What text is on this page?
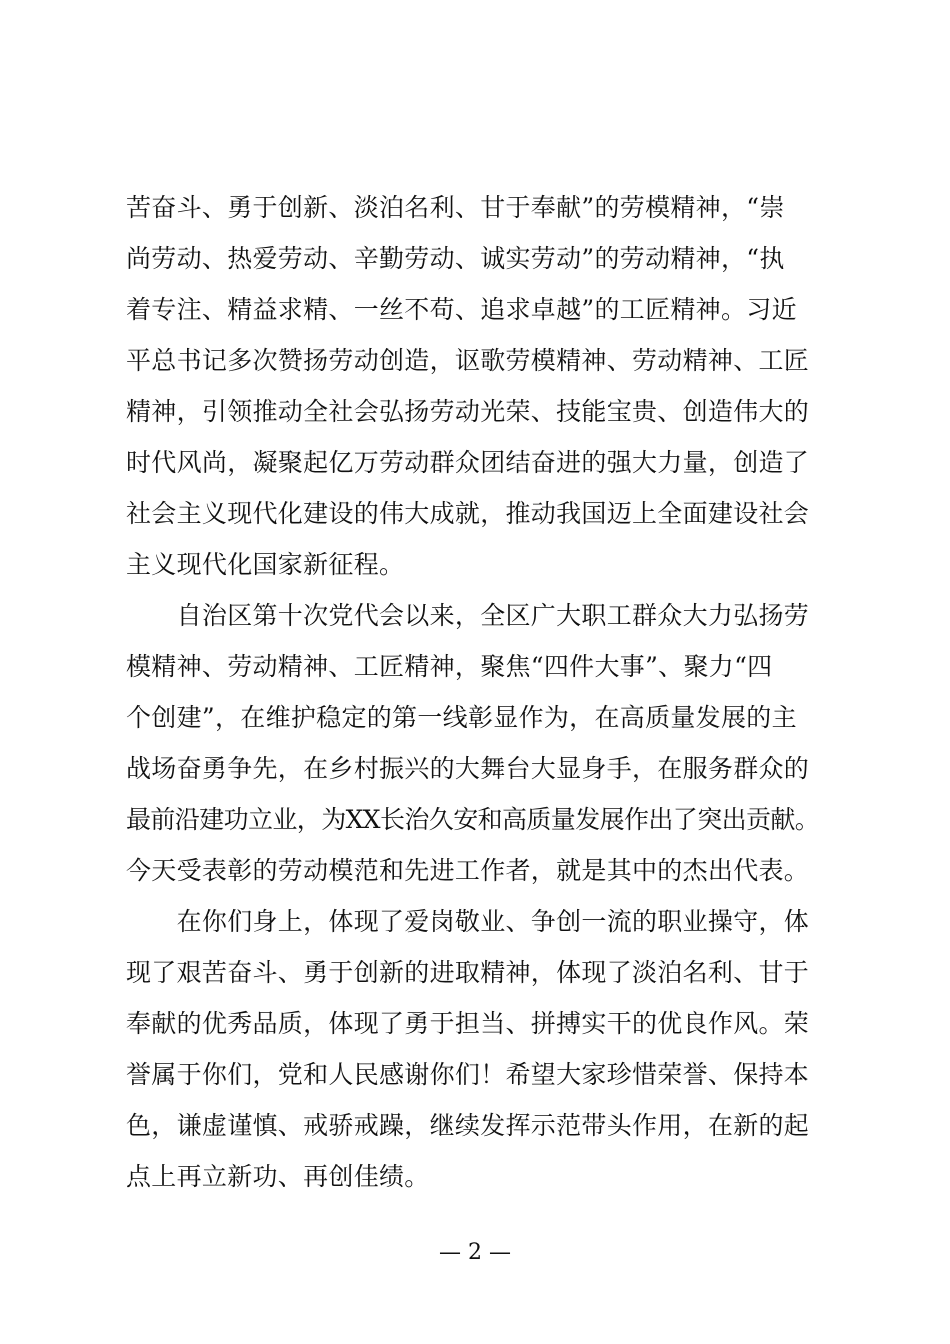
苦奋斗、勇于创新、淡泊名利、甘于奉献”的劳模精神，“崇
尚劳动、热爱劳动、辛勤劳动、诚实劳动”的劳动精神，“执
着专注、精益求精、一丝不苟、追求卓越”的工匠精神。习近
平总书记多次赞扬劳动创造，讴歌劳模精神、劳动精神、工匠
精神，引领推动全社会弘扬劳动光荣、技能宝贵、创造伟大的
时代风尚，凝聚起亿万劳动群众团结奋进的强大力量，创造了
社会主义现代化建设的伟大成就，推动我国迈上全面建设社会
主义现代化国家新征程。
　　自治区第十次党代会以来，全区广大职工群众大力弘扬劳
模精神、劳动精神、工匠精神，聚焦“四件大事”、聚力“四
个创建”，在维护稳定的第一线彰显作为，在高质量发展的主
战场奋勇争先，在乡村振兴的大舞台大显身手，在服务群众的
最前沿建功立业，为XX长治久安和高质量发展作出了突出贡献。
今天受表彰的劳动模范和先进工作者，就是其中的杰出代表。
　　在你们身上，体现了爱岗敬业、争创一流的职业操守，体
现了艰苦奋斗、勇于创新的进取精神，体现了淡泊名利、甘于
奉献的优秀品质，体现了勇于担当、拼搏实干的优良作风。荣
誉属于你们，党和人民感谢你们！希望大家珍惜荣誉、保持本
色，谦虚谨慎、戒骄戒躁，继续发挥示范带头作用，在新的起
点上再立新功、再创佳绩。
— 2 —
